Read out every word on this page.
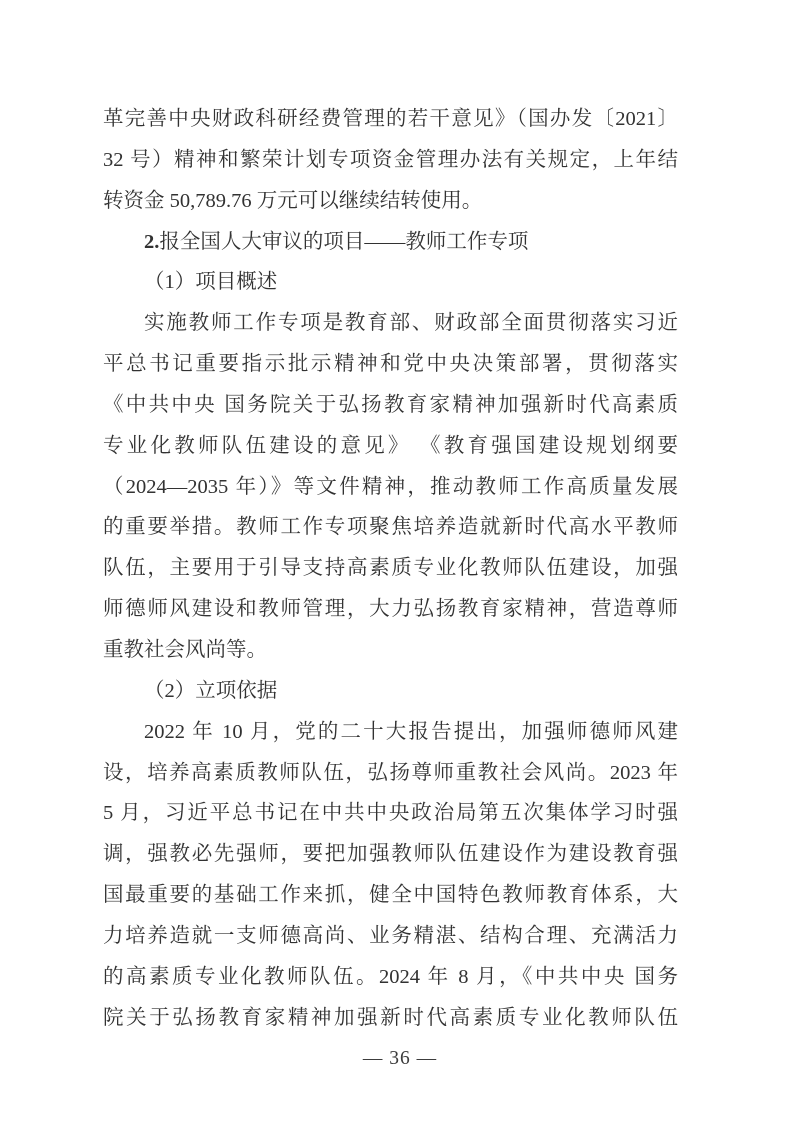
革完善中央财政科研经费管理的若干意见》（国办发〔2021〕
32 号）精神和繁荣计划专项资金管理办法有关规定，上年结
转资金 50,789.76 万元可以继续结转使用。
2.报全国人大审议的项目——教师工作专项
（1）项目概述
实施教师工作专项是教育部、财政部全面贯彻落实习近
平总书记重要指示批示精神和党中央决策部署，贯彻落实
《中共中央 国务院关于弘扬教育家精神加强新时代高素质
专业化教师队伍建设的意见》 《教育强国建设规划纲要
（2024—2035 年）》等文件精神，推动教师工作高质量发展
的重要举措。教师工作专项聚焦培养造就新时代高水平教师
队伍，主要用于引导支持高素质专业化教师队伍建设，加强
师德师风建设和教师管理，大力弘扬教育家精神，营造尊师
重教社会风尚等。
（2）立项依据
2022 年 10 月，党的二十大报告提出，加强师德师风建
设，培养高素质教师队伍，弘扬尊师重教社会风尚。2023 年
5 月，习近平总书记在中共中央政治局第五次集体学习时强
调，强教必先强师，要把加强教师队伍建设作为建设教育强
国最重要的基础工作来抓，健全中国特色教师教育体系，大
力培养造就一支师德高尚、业务精湛、结构合理、充满活力
的高素质专业化教师队伍。2024 年 8 月，《中共中央 国务
院关于弘扬教育家精神加强新时代高素质专业化教师队伍
— 36 —
